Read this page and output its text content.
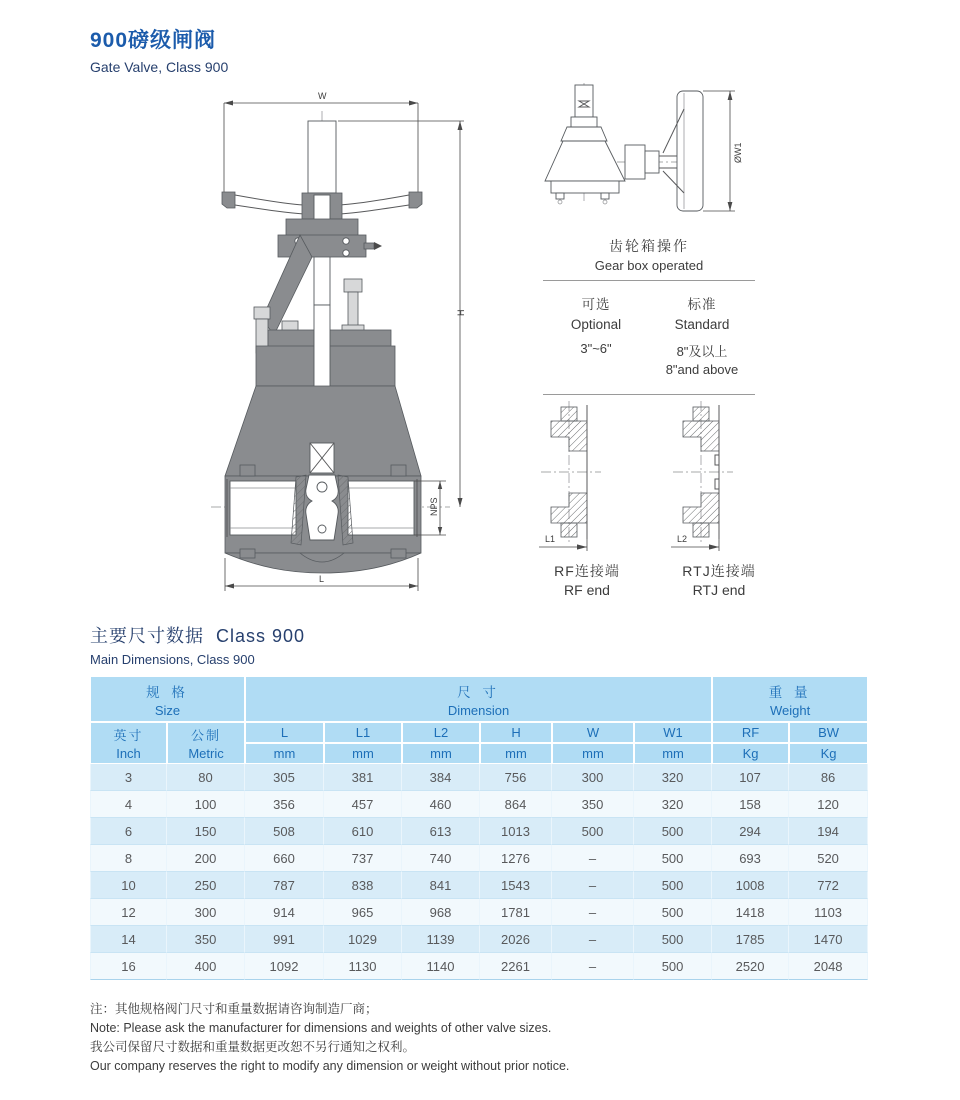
900磅级闸阀
Gate Valve, Class 900
W
H
NPS
L
ØW1
齿轮箱操作
Gear box operated
可选
Optional
3"~6"
标准
Standard
8"及以上
8"and above
L1
RF连接端
RF end
L2
RTJ连接端
RTJ end
主要尺寸数据 Class 900
Main Dimensions, Class 900
规 格
Size

尺 寸
Dimension

重 量
Weight

英寸
Inch

公制
Metric
	L	L1	L2	H	W	W1	RF	BW
		mm	mm	mm	mm	mm	mm	Kg	Kg
3	80	305	381	384	756	300	320	107	86
4	100	356	457	460	864	350	320	158	120
6	150	508	610	613	1013	500	500	294	194
8	200	660	737	740	1276	–	500	693	520
10	250	787	838	841	1543	–	500	1008	772
12	300	914	965	968	1781	–	500	1418	1103
14	350	991	1029	1139	2026	–	500	1785	1470
16	400	1092	1130	1140	2261	–	500	2520	2048
注：其他规格阀门尺寸和重量数据请咨询制造厂商；
Note: Please ask the manufacturer for dimensions and weights of other valve sizes.
我公司保留尺寸数据和重量数据更改恕不另行通知之权利。
Our company reserves the right to modify any dimension or weight without prior notice.
